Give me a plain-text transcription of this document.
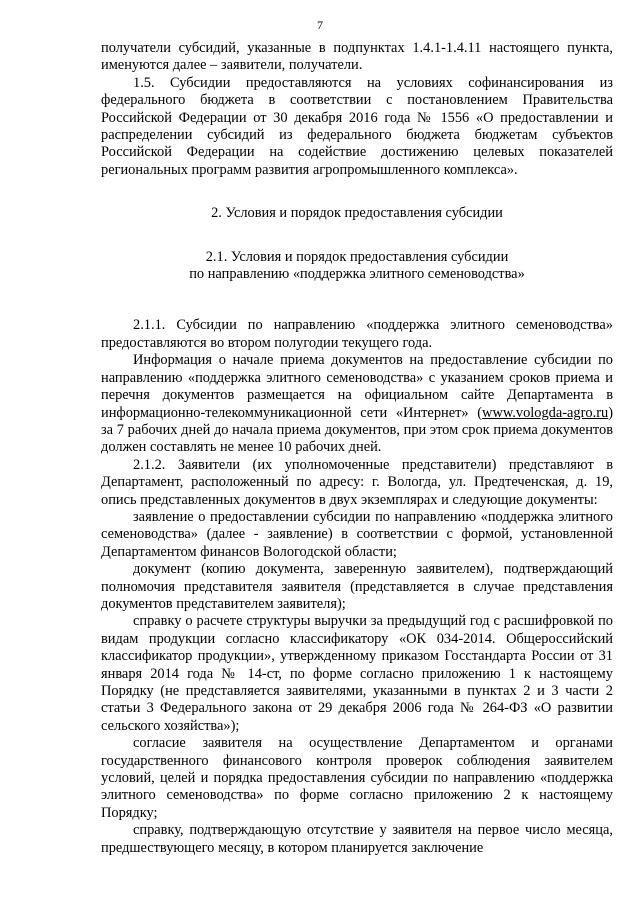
7

получатели субсидий, указанные в подпунктах 1.4.1-1.4.11 настоящего пункта, именуются далее – заявители, получатели.

1.5. Субсидии предоставляются на условиях софинансирования из федерального бюджета в соответствии с постановлением Правительства Российской Федерации от 30 декабря 2016 года № 1556 «О предоставлении и распределении субсидий из федерального бюджета бюджетам субъектов Российской Федерации на содействие достижению целевых показателей региональных программ развития агропромышленного комплекса».

2. Условия и порядок предоставления субсидии

2.1. Условия и порядок предоставления субсидии

по направлению «поддержка элитного семеноводства»

2.1.1. Субсидии по направлению «поддержка элитного семеноводства» предоставляются во втором полугодии текущего года.

Информация о начале приема документов на предоставление субсидии по направлению «поддержка элитного семеноводства» с указанием сроков приема и перечня документов размещается на официальном сайте Департамента в информационно-телекоммуникационной сети «Интернет» (www.vologda-agro.ru) за 7 рабочих дней до начала приема документов, при этом срок приема документов должен составлять не менее 10 рабочих дней.

2.1.2. Заявители (их уполномоченные представители) представляют в Департамент, расположенный по адресу: г. Вологда, ул. Предтеченская, д. 19, опись представленных документов в двух экземплярах и следующие документы:

заявление о предоставлении субсидии по направлению «поддержка элитного семеноводства» (далее - заявление) в соответствии с формой, установленной Департаментом финансов Вологодской области;

документ (копию документа, заверенную заявителем), подтверждающий полномочия представителя заявителя (представляется в случае представления документов представителем заявителя);

справку о расчете структуры выручки за предыдущий год с расшифровкой по видам продукции согласно классификатору «ОК 034-2014. Общероссийский классификатор продукции», утвержденному приказом Госстандарта России от 31 января 2014 года № 14-ст, по форме согласно приложению 1 к настоящему Порядку (не представляется заявителями, указанными в пунктах 2 и 3 части 2 статьи 3 Федерального закона от 29 декабря 2006 года № 264-ФЗ «О развитии сельского хозяйства»);

согласие заявителя на осуществление Департаментом и органами государственного финансового контроля проверок соблюдения заявителем условий, целей и порядка предоставления субсидии по направлению «поддержка элитного семеноводства» по форме согласно приложению 2 к настоящему Порядку;

справку, подтверждающую отсутствие у заявителя на первое число месяца, предшествующего месяцу, в котором планируется заключение
